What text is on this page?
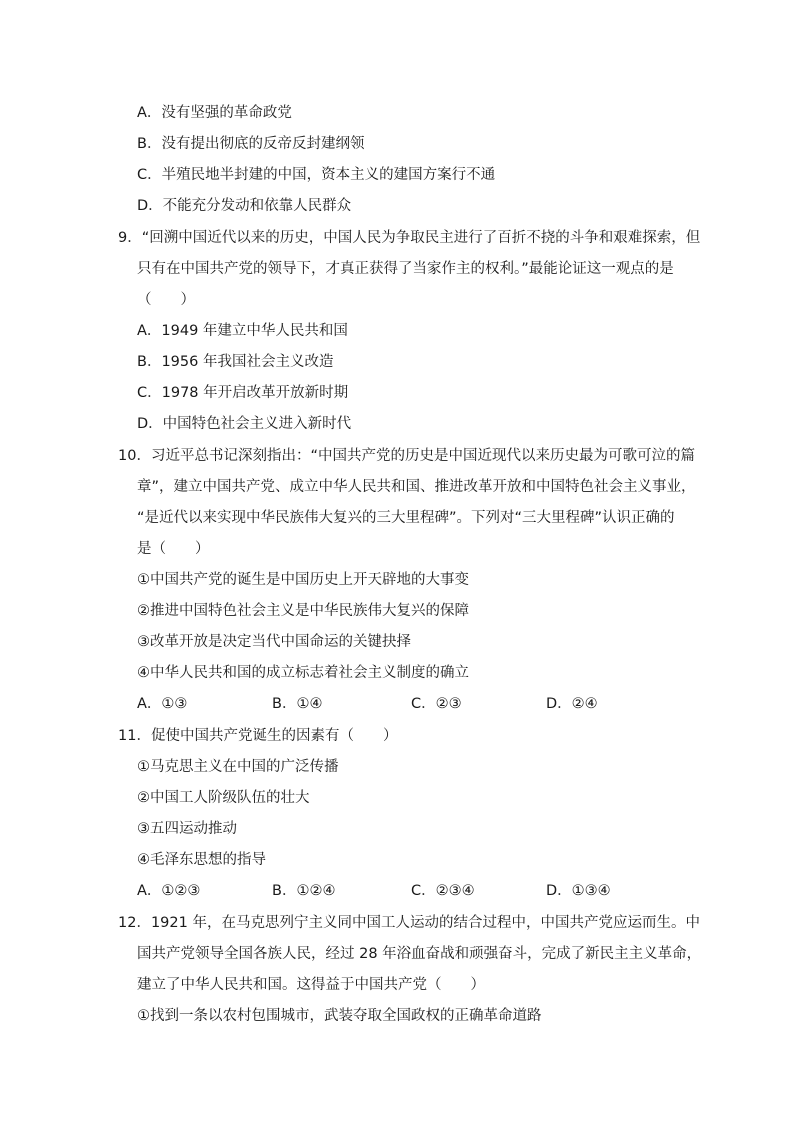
A．没有坚强的革命政党
B．没有提出彻底的反帝反封建纲领
C．半殖民地半封建的中国，资本主义的建国方案行不通
D．不能充分发动和依靠人民群众
9．“回溯中国近代以来的历史，中国人民为争取民主进行了百折不挠的斗争和艰难探索，但
只有在中国共产党的领导下，才真正获得了当家作主的权利。”最能论证这一观点的是
（　　）
A．1949 年建立中华人民共和国
B．1956 年我国社会主义改造
C．1978 年开启改革开放新时期
D．中国特色社会主义进入新时代
10．习近平总书记深刻指出：“中国共产党的历史是中国近现代以来历史最为可歌可泣的篇
章”，建立中国共产党、成立中华人民共和国、推进改革开放和中国特色社会主义事业，
“是近代以来实现中华民族伟大复兴的三大里程碑”。下列对“三大里程碑”认识正确的
是（　　）
①中国共产党的诞生是中国历史上开天辟地的大事变
②推进中国特色社会主义是中华民族伟大复兴的保障
③改革开放是决定当代中国命运的关键抉择
④中华人民共和国的成立标志着社会主义制度的确立
A．①③	B．①④	C．②③	D．②④
11．促使中国共产党诞生的因素有（　　）
①马克思主义在中国的广泛传播
②中国工人阶级队伍的壮大
③五四运动推动
④毛泽东思想的指导
A．①②③	B．①②④	C．②③④	D．①③④
12．1921 年，在马克思列宁主义同中国工人运动的结合过程中，中国共产党应运而生。中
国共产党领导全国各族人民，经过 28 年浴血奋战和顽强奋斗，完成了新民主主义革命，
建立了中华人民共和国。这得益于中国共产党（　　）
①找到一条以农村包围城市，武装夺取全国政权的正确革命道路
